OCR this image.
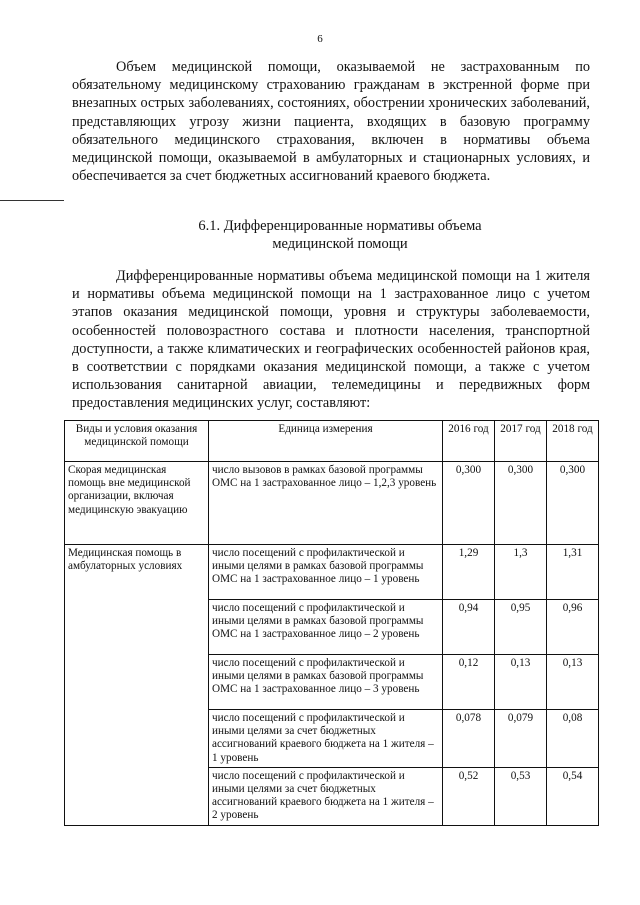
6

Объем медицинской помощи, оказываемой не застрахованным по обязательному медицинскому страхованию гражданам в экстренной форме при внезапных острых заболеваниях, состояниях, обострении хронических заболеваний, представляющих угрозу жизни пациента, входящих в базовую программу обязательного медицинского страхования, включен в нормативы объема медицинской помощи, оказываемой в амбулаторных и стационарных условиях, и обеспечивается за счет бюджетных ассигнований краевого бюджета.

6.1. Дифференцированные нормативы объема
медицинской помощи

Дифференцированные нормативы объема медицинской помощи на 1 жителя и нормативы объема медицинской помощи на 1 застрахованное лицо с учетом этапов оказания медицинской помощи, уровня и структуры заболеваемости, особенностей половозрастного состава и плотности населения, транспортной доступности, а также климатических и географических особенностей районов края, в соответствии с порядками оказания медицинской помощи, а также с учетом использования санитарной авиации, телемедицины и передвижных форм предоставления медицинских услуг, составляют:

Виды и условия оказания медицинской помощи	Единица измерения	2016 год	2017 год	2018 год
Скорая медицинская помощь вне медицинской организации, включая медицинскую эвакуацию	число вызовов в рамках базовой программы ОМС на 1 застрахованное лицо – 1,2,3 уровень	0,300	0,300	0,300
Медицинская помощь в амбулаторных условиях	число посещений с профилактической и иными целями в рамках базовой программы ОМС на 1 застрахованное лицо – 1 уровень	1,29	1,3	1,31
	число посещений с профилактической и иными целями в рамках базовой программы ОМС на 1 застрахованное лицо – 2 уровень	0,94	0,95	0,96
	число посещений с профилактической и иными целями в рамках базовой программы ОМС на 1 застрахованное лицо – 3 уровень	0,12	0,13	0,13
	число посещений с профилактической и иными целями за счет бюджетных ассигнований краевого бюджета на 1 жителя – 1 уровень	0,078	0,079	0,08
	число посещений с профилактической и иными целями за счет бюджетных ассигнований краевого бюджета на 1 жителя – 2 уровень	0,52	0,53	0,54
